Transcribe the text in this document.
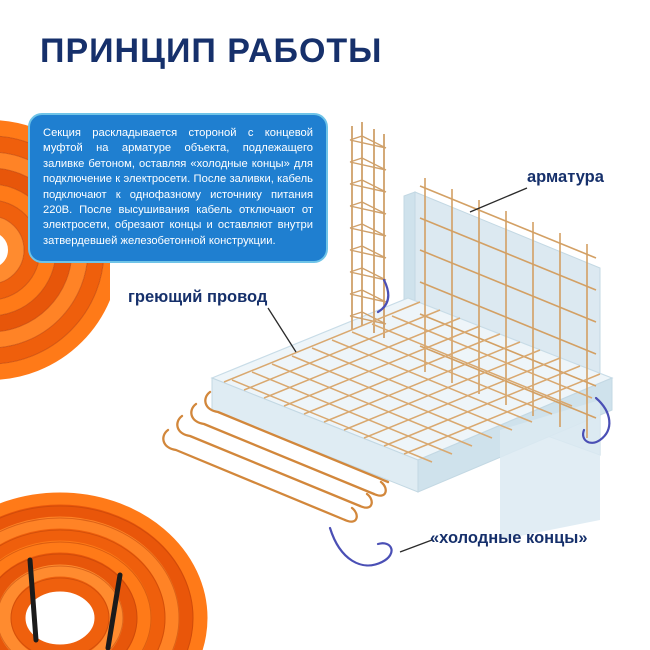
ПРИНЦИП РАБОТЫ
Секция раскладывается стороной с концевой муфтой на арматуре объекта, подлежащего заливке бетоном, оставляя «холодные концы» для подключение к электросети. После заливки, кабель подключают к однофазному источнику питания 220В. После высушивания кабель отключают от электросети, обрезают концы и оставляют внутри затвердевшей железобетонной конструкции.
арматура
греющий провод
«холодные концы»
